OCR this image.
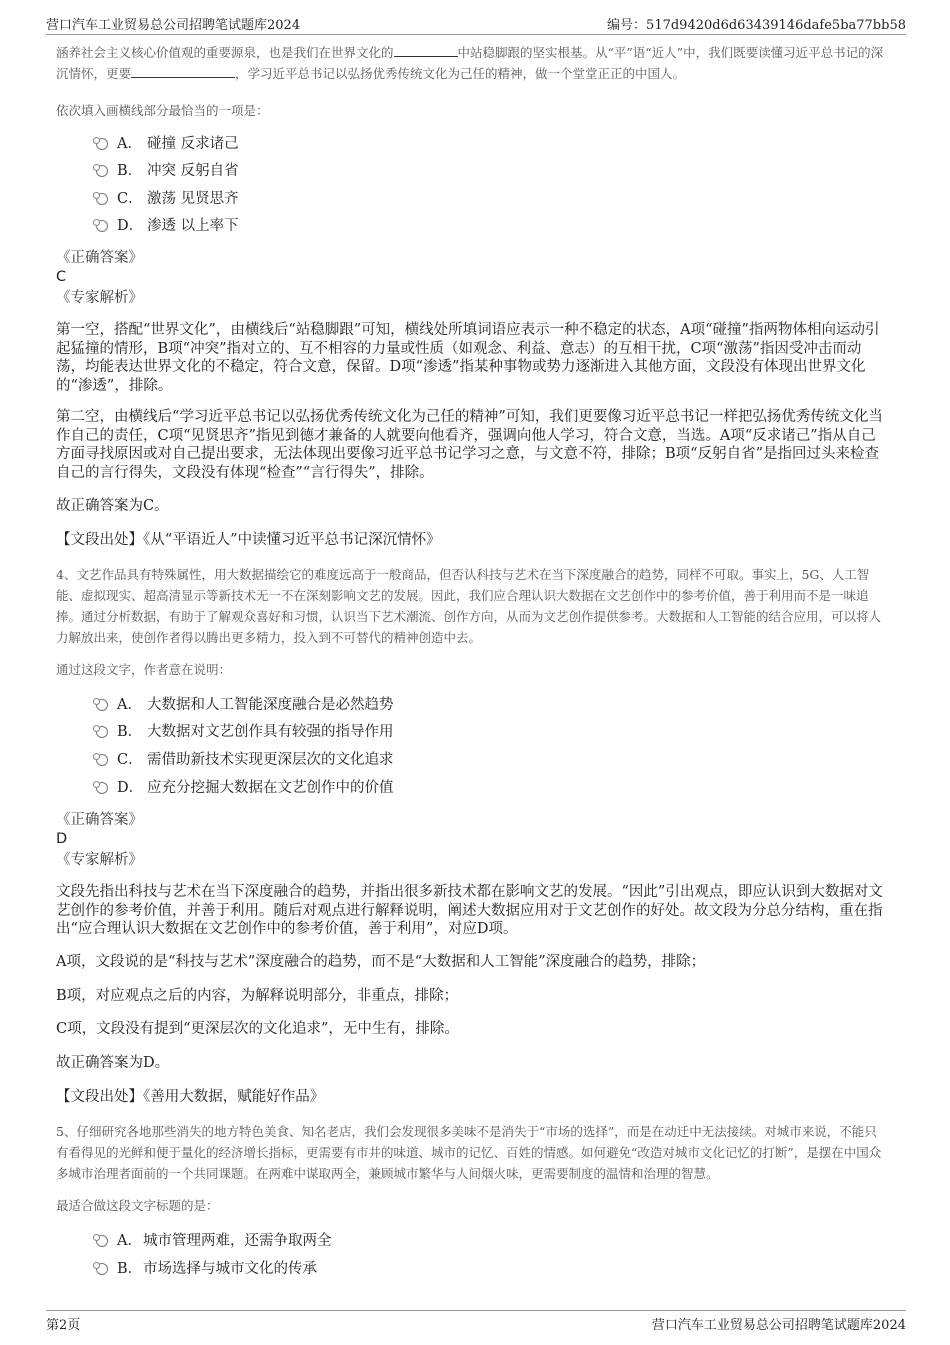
营口汽车工业贸易总公司招聘笔试题库2024	编号：517d9420d6d63439146dafe5ba77bb58

涵养社会主义核心价值观的重要源泉，也是我们在世界文化的	中站稳脚跟的坚实根基。从“平”语“近人”中，我们既要读懂习近平总书记的深沉情怀，更要	，学习近平总书记以弘扬优秀传统文化为己任的精神，做一个堂堂正正的中国人。

依次填入画横线部分最恰当的一项是：

A． 碰撞 反求诸己
B． 冲突 反躬自省
C． 激荡 见贤思齐
D． 渗透 以上率下
《正确答案》
C
《专家解析》

第一空，搭配“世界文化”，由横线后“站稳脚跟”可知，横线处所填词语应表示一种不稳定的状态，A项“碰撞”指两物体相向运动引起猛撞的情形，B项“冲突”指对立的、互不相容的力量或性质（如观念、利益、意志）的互相干扰，C项“激荡”指因受冲击而动荡，均能表达世界文化的不稳定，符合文意，保留。D项“渗透”指某种事物或势力逐渐进入其他方面，文段没有体现出世界文化的“渗透”，排除。

第二空，由横线后“学习近平总书记以弘扬优秀传统文化为己任的精神”可知，我们更要像习近平总书记一样把弘扬优秀传统文化当作自己的责任，C项“见贤思齐”指见到德才兼备的人就要向他看齐，强调向他人学习，符合文意，当选。A项“反求诸己”指从自己方面寻找原因或对自己提出要求，无法体现出要像习近平总书记学习之意，与文意不符，排除；B项“反躬自省”是指回过头来检查自己的言行得失，文段没有体现“检查”“言行得失”，排除。

故正确答案为C。

【文段出处】《从“平语近人”中读懂习近平总书记深沉情怀》

4、文艺作品具有特殊属性，用大数据描绘它的难度远高于一般商品，但否认科技与艺术在当下深度融合的趋势，同样不可取。事实上，5G、人工智能、虚拟现实、超高清显示等新技术无一不在深刻影响文艺的发展。因此，我们应合理认识大数据在文艺创作中的参考价值，善于利用而不是一味追捧。通过分析数据，有助于了解观众喜好和习惯，认识当下艺术潮流、创作方向，从而为文艺创作提供参考。大数据和人工智能的结合应用，可以将人力解放出来，使创作者得以腾出更多精力，投入到不可替代的精神创造中去。

通过这段文字，作者意在说明：

A． 大数据和人工智能深度融合是必然趋势
B． 大数据对文艺创作具有较强的指导作用
C． 需借助新技术实现更深层次的文化追求
D． 应充分挖掘大数据在文艺创作中的价值
《正确答案》
D
《专家解析》

文段先指出科技与艺术在当下深度融合的趋势，并指出很多新技术都在影响文艺的发展。“因此”引出观点，即应认识到大数据对文艺创作的参考价值，并善于利用。随后对观点进行解释说明，阐述大数据应用对于文艺创作的好处。故文段为分总分结构，重在指出“应合理认识大数据在文艺创作中的参考价值，善于利用”，对应D项。

A项，文段说的是“科技与艺术”深度融合的趋势，而不是“大数据和人工智能”深度融合的趋势，排除；

B项，对应观点之后的内容，为解释说明部分，非重点，排除；

C项，文段没有提到“更深层次的文化追求”，无中生有，排除。

故正确答案为D。

【文段出处】《善用大数据，赋能好作品》

5、仔细研究各地那些消失的地方特色美食、知名老店，我们会发现很多美味不是消失于“市场的选择”，而是在动迁中无法接续。对城市来说，不能只有看得见的光鲜和便于量化的经济增长指标，更需要有市井的味道、城市的记忆、百姓的情感。如何避免“改造对城市文化记忆的打断”，是摆在中国众多城市治理者面前的一个共同课题。在两难中谋取两全，兼顾城市繁华与人间烟火味，更需要制度的温情和治理的智慧。

最适合做这段文字标题的是：

A．城市管理两难，还需争取两全
B．市场选择与城市文化的传承
第2页	营口汽车工业贸易总公司招聘笔试题库2024
